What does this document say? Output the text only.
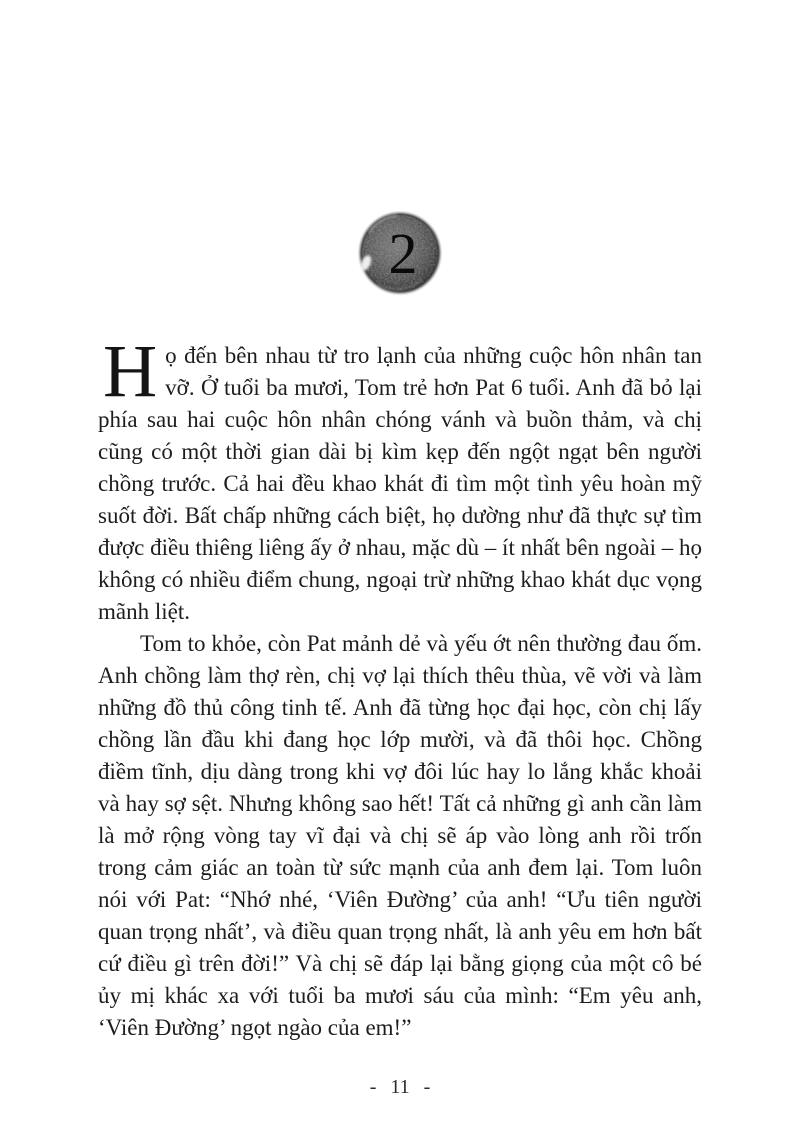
2

Họ đến bên nhau từ tro lạnh của những cuộc hôn nhân tan vỡ. Ở tuổi ba mươi, Tom trẻ hơn Pat 6 tuổi. Anh đã bỏ lại phía sau hai cuộc hôn nhân chóng vánh và buồn thảm, và chị cũng có một thời gian dài bị kìm kẹp đến ngột ngạt bên người chồng trước. Cả hai đều khao khát đi tìm một tình yêu hoàn mỹ suốt đời. Bất chấp những cách biệt, họ dường như đã thực sự tìm được điều thiêng liêng ấy ở nhau, mặc dù – ít nhất bên ngoài – họ không có nhiều điểm chung, ngoại trừ những khao khát dục vọng mãnh liệt.

Tom to khỏe, còn Pat mảnh dẻ và yếu ớt nên thường đau ốm. Anh chồng làm thợ rèn, chị vợ lại thích thêu thùa, vẽ vời và làm những đồ thủ công tinh tế. Anh đã từng học đại học, còn chị lấy chồng lần đầu khi đang học lớp mười, và đã thôi học. Chồng điềm tĩnh, dịu dàng trong khi vợ đôi lúc hay lo lắng khắc khoải và hay sợ sệt. Nhưng không sao hết! Tất cả những gì anh cần làm là mở rộng vòng tay vĩ đại và chị sẽ áp vào lòng anh rồi trốn trong cảm giác an toàn từ sức mạnh của anh đem lại. Tom luôn nói với Pat: “Nhớ nhé, ‘Viên Đường’ của anh! “Ưu tiên người quan trọng nhất’, và điều quan trọng nhất, là anh yêu em hơn bất cứ điều gì trên đời!” Và chị sẽ đáp lại bằng giọng của một cô bé ủy mị khác xa với tuổi ba mươi sáu của mình: “Em yêu anh, ‘Viên Đường’ ngọt ngào của em!”

- 11 -
